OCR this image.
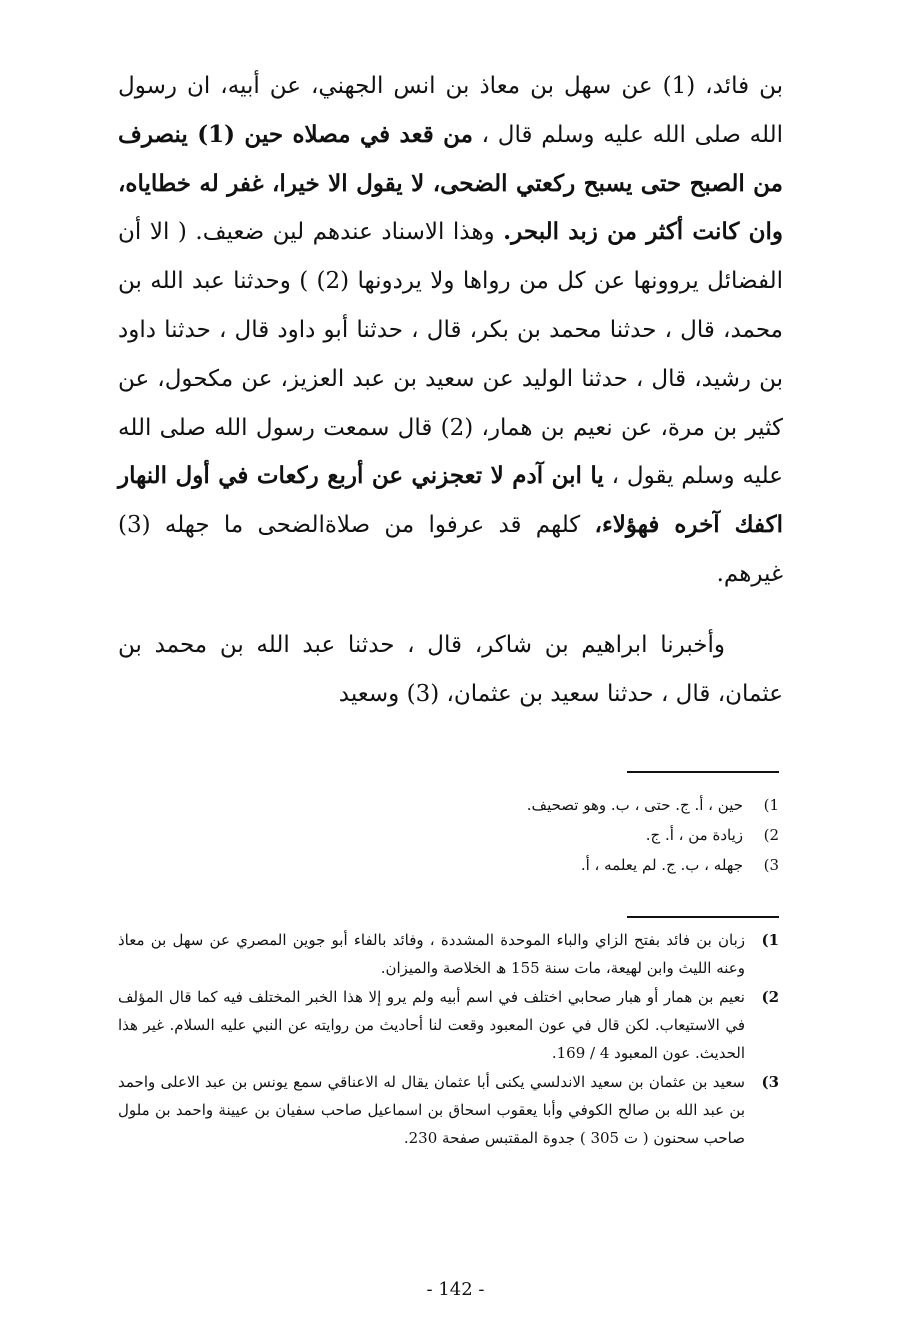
بن فائد، (1) عن سهل بن معاذ بن انس الجهني، عن أبيه، ان رسول الله صلى الله عليه وسلم قال ، من قعد في مصلاه حين (1) ينصرف من الصبح حتى يسبح ركعتي الضحى، لا يقول الا خيرا، غفر له خطاياه، وان كانت أكثر من زبد البحر. وهذا الاسناد عندهم لين ضعيف. ( الا أن الفضائل يروونها عن كل من رواها ولا يردونها (2) ) وحدثنا عبد الله بن محمد، قال ، حدثنا محمد بن بكر، قال ، حدثنا أبو داود قال ، حدثنا داود بن رشيد، قال ، حدثنا الوليد عن سعيد بن عبد العزيز، عن مكحول، عن كثير بن مرة، عن نعيم بن همار، (2) قال سمعت رسول الله صلى الله عليه وسلم يقول ، يا ابن آدم لا تعجزني عن أربع ركعات في أول النهار اكفك آخره فهؤلاء، كلهم قد عرفوا من صلاةالضحى ما جهله (3) غيرهم.

وأخبرنا ابراهيم بن شاكر، قال ، حدثنا عبد الله بن محمد بن عثمان، قال ، حدثنا سعيد بن عثمان، (3) وسعيد

1)
حين ، أ. ج. حتى ، ب. وهو تصحيف.
2)
زيادة من ، أ. ج.
3)
جهله ، ب. ج. لم يعلمه ، أ.
1)
زبان بن فائد بفتح الزاي والباء الموحدة المشددة ، وفائد بالفاء أبو جوين المصري عن سهل بن معاذ وعنه الليث وابن لهيعة، مات سنة 155 ھ الخلاصة والميزان.
2)
نعيم بن همار أو هبار صحابي اختلف في اسم أبيه ولم يرو إلا هذا الخبر المختلف فيه كما قال المؤلف في الاستيعاب. لكن قال في عون المعبود وقعت لنا أحاديث من روايته عن النبي عليه السلام. غير هذا الحديث. عون المعبود 4 / 169.
3)
سعيد بن عثمان بن سعيد الاندلسي يكنى أبا عثمان يقال له الاعناقي سمع يونس بن عبد الاعلى واحمد بن عبد الله بن صالح الكوفي وأبا يعقوب اسحاق بن اسماعيل صاحب سفيان بن عيينة واحمد بن ملول صاحب سحنون ( ت 305 ) جدوة المقتبس صفحة 230.
- 142 -
